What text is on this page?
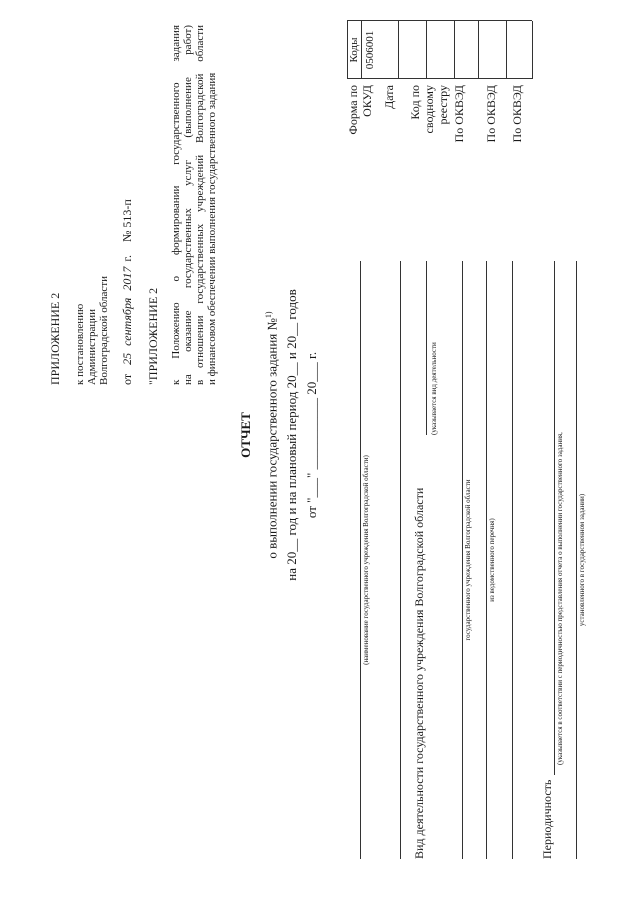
ПРИЛОЖЕНИЕ 2 к постановлению Администрации Волгоградской области от 25 сентября 2017 г. № 513-п
"ПРИЛОЖЕНИЕ 2 к Положению о формировании государственного задания на оказание государственных услуг (выполнение работ) в отношении государственных учреждений Волгоградской области и финансовом обеспечении выполнения государственного задания
ОТЧЕТ о выполнении государственного задания №$^{1)}$ на 20__ год и на плановый период 20__ и 20__ годов от "___" ___________ 20___ г.
(наименование государственного учреждения Волгоградской области)	Вид деятельности государственного учреждения Волгоградской области
(указывается вид деятельности
государственного учреждения Волгоградской области из ведомственного перечня)
Периодичность
(указывается в соответствии с периодичностью представления отчета о выполнении государственного задания, установленного в государственном задании)
Форма по ОКУД Дата Код по сводному реестру По ОКВЭД По ОКВЭД По ОКВЭД
Коды 0506001
